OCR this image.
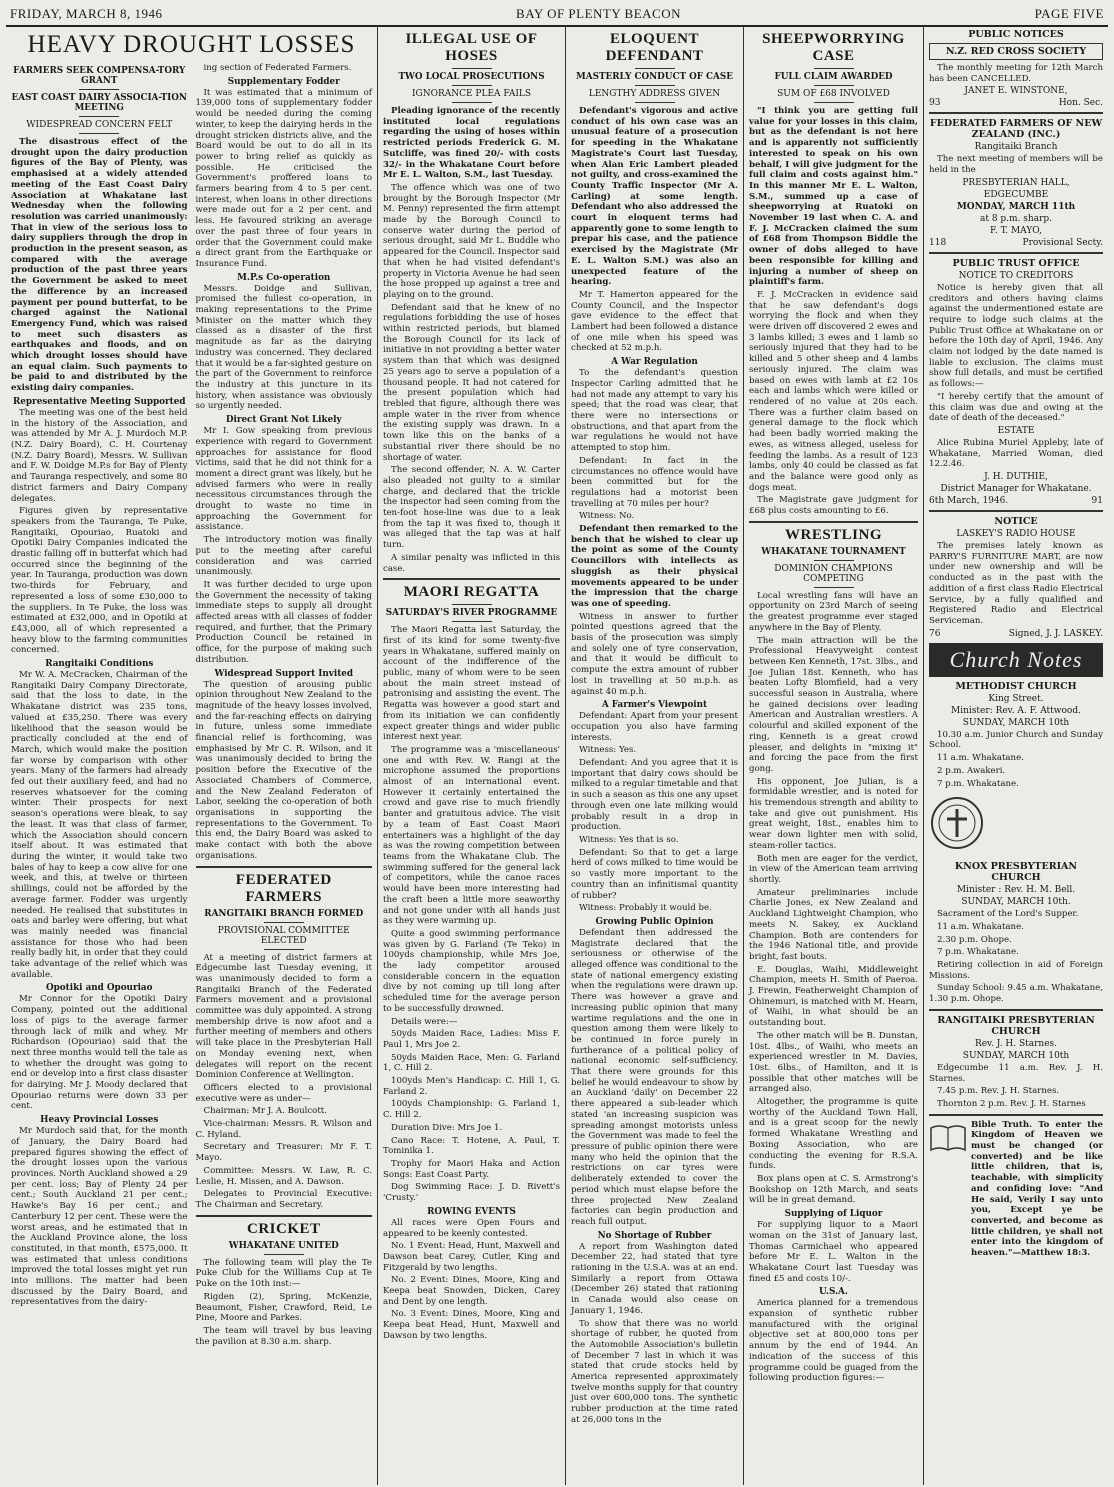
FRIDAY, MARCH 8, 1946	BAY OF PLENTY BEACON	PAGE FIVE
HEAVY DROUGHT LOSSES
FARMERS SEEK COMPENSA-TORY GRANT
EAST COAST DAIRY ASSOCIA-TION MEETING
WIDESPREAD CONCERN FELT

The disastrous effect of the drought upon the dairy production figures of the Bay of Plenty, was emphasised at a widely attended meeting of the East Coast Dairy Association at Whakatane last Wednesday when the following resolution was carried unanimously: That in view of the serious loss to dairy suppliers through the drop in production in the present season, as compared with the average production of the past three years the Government be asked to meet the difference by an increased payment per pound butterfat, to be charged against the National Emergency Fund, which was raised to meet such disasters as earthquakes and floods, and on which drought losses should have an equal claim. Such payments to be paid to and distributed by the existing dairy companies.

Representative Meeting Supported

The meeting was one of the best held in the history of the Association, and was attended by Mr A. J. Murdoch M.P. (N.Z. Dairy Board), C. H. Courtenay (N.Z. Dairy Board), Messrs. W. Sullivan and F. W. Doidge M.P.s for Bay of Plenty and Tauranga respectively, and some 80 district farmers and Dairy Company delegates.

Figures given by representative speakers from the Tauranga, Te Puke, Rangitaiki, Opouriao, Ruatoki and Opotiki Dairy Companies indicated the drastic falling off in butterfat which had occurred since the beginning of the year. In Tauranga, production was down two-thirds for February, and represented a loss of some £30,000 to the suppliers. In Te Puke, the loss was estimated at £32,000, and in Opotiki at £43,000, all of which represented a heavy blow to the farming communities concerned.

Rangitaiki Conditions

Mr W. A. McCracken, Chairman of the Rangitaiki Dairy Company Directorate, said that the loss to date, in the Whakatane district was 235 tons, valued at £35,250. There was every likelihood that the season would be practically concluded at the end of March, which would make the position far worse by comparison with other years. Many of the farmers had already fed out their auxiliary feed, and had no reserves whatsoever for the coming winter. Their prospects for next season's operations were bleak, to say the least. It was that class of farmer, which the Association should concern itself about. It was estimated that during the winter, it would take two bales of hay to keep a cow alive for one week, and this, at twelve or thirteen shillings, could not be afforded by the average farmer. Fodder was urgently needed. He realised that substitutes in oats and barley were offering, but what was mainly needed was financial assistance for those who had been really badly hit, in order that they could take advantage of the relief which was available.

Opotiki and Opouriao

Mr Connor for the Opotiki Dairy Company, pointed out the additional loss of pigs to the average farmer through lack of milk and whey. Mr Richardson (Opouriao) said that the next three months would tell the tale as to whether the drought was going to end or develop into a first class disaster for dairying. Mr J. Moody declared that Opouriao returns were down 33 per cent.

Heavy Provincial Losses

Mr Murdoch said that, for the month of January, the Dairy Board had prepared figures showing the effect of the drought losses upon the various provinces. North Auckland showed a 29 per cent. loss; Bay of Plenty 24 per cent.; South Auckland 21 per cent.; Hawke's Bay 16 per cent.; and Canterbury 12 per cent. These were the worst areas, and he estimated that in the Auckland Province alone, the loss constituted, in that month, £575,000. It was estimated that unless conditions improved the total losses might yet run into millions. The matter had been discussed by the Dairy Board, and representatives from the dairy-

ing section of Federated Farmers.

Supplementary Fodder

It was estimated that a minimum of 139,000 tons of supplementary fodder would be needed during the coming winter, to keep the dairying herds in the drought stricken districts alive, and the Board would be out to do all in its power to bring relief as quickly as possible. He criticised the Government's proffered loans to farmers bearing from 4 to 5 per cent. interest, when loans in other directions were made out for a 2 per cent. and less. He favoured striking an average over the past three of four years in order that the Government could make a direct grant from the Earthquake or Insurance Fund.

M.P.s Co-operation

Messrs. Doidge and Sullivan, promised the fullest co-operation, in making representations to the Prime Minister on the matter which they classed as a disaster of the first magnitude as far as the dairying industry was concerned. They declared that it would be a far-sighted gesture on the part of the Government to reinforce the industry at this juncture in its history, when assistance was obviously so urgently needed.

Direct Grant Not Likely

Mr I. Gow speaking from previous experience with regard to Government approaches for assistance for flood victims, said that he did not think for a moment a direct grant was likely, but he advised farmers who were in really necessitous circumstances through the drought to waste no time in approaching the Government for assistance.

The introductory motion was finally put to the meeting after careful consideration and was carried unanimously.

It was further decided to urge upon the Government the necessity of taking immediate steps to supply all drought affected areas with all classes of fodder required, and further, that the Primary Production Council be retained in office, for the purpose of making such distribution.

Widespread Support Invited

The question of arousing public opinion throughout New Zealand to the magnitude of the heavy losses involved, and the far-reaching effects on dairying in future, unless some immediate financial relief is forthcoming, was emphasised by Mr C. R. Wilson, and it was unanimously decided to bring the position before the Executive of the Associated Chambers of Commerce, and the New Zealand Federaton of Labor, seeking the co-operation of both organisations in supporting the representations to the Government. To this end, the Dairy Board was asked to make contact with both the above organisations.

FEDERATED FARMERS
RANGITAIKI BRANCH FORMED
PROVISIONAL COMMITTEE ELECTED

At a meeting of district farmers at Edgecumbe last Tuesday evening, it was unanimously decided to form a Rangitaiki Branch of the Federated Farmers movement and a provisional committee was duly appointed. A strong membership drive is now afoot and a further meeting of members and others will take place in the Presbyterian Hall on Monday evening next, when delegates will report on the recent Dominion Conference at Wellington.

Officers elected to a provisional executive were as under—

Chairman: Mr J. A. Boulcott.

Vice-chairman: Messrs. R. Wilson and C. Hyland.

Secretary and Treasurer: Mr F. T. Mayo.

Committee: Messrs. W. Law, R. C. Leslie, H. Missen, and A. Dawson.

Delegates to Provincial Executive: The Chairman and Secretary.

CRICKET
WHAKATANE UNITED

The following team will play the Te Puke Club for the Williams Cup at Te Puke on the 10th inst:—

Rigden (2), Spring, McKenzie, Beaumont, Fisher, Crawford, Reid, Le Pine, Moore and Parkes.

The team will travel by bus leaving the pavilion at 8.30 a.m. sharp.

ILLEGAL USE OF HOSES
TWO LOCAL PROSECUTIONS
IGNORANCE PLEA FAILS

Pleading ignorance of the recently instituted local regulations regarding the using of hoses within restricted periods Frederick G. M. Sutcliffe, was fined 20/- with costs 32/- in the Whakatane Court before Mr E. L. Walton, S.M., last Tuesday.

The offence which was one of two brought by the Borough Inspector (Mr M. Penny) represented the firm attempt made by the Borough Council to conserve water during the period of serious drought, said Mr L. Buddle who appeared for the Council. Inspector said that when he had visited defendant's property in Victoria Avenue he had seen the hose propped up against a tree and playing on to the ground.

Defendant said that he knew of no regulations forbidding the use of hoses within restricted periods, but blamed the Borough Council for its lack of initiative in not providing a better water system than that which was designed 25 years ago to serve a population of a thousand people. It had not catered for the present population which had trebled that figure, although there was ample water in the river from whence the existing supply was drawn. In a town like this on the banks of a substantial river there should be no shortage of water.

The second offender, N. A. W. Carter also pleaded not guilty to a similar charge, and declared that the trickle the inspector had seen coming from the ten-foot hose-line was due to a leak from the tap it was fixed to, though it was alleged that the tap was at half turn.

A similar penalty was inflicted in this case.

MAORI REGATTA
SATURDAY'S RIVER PROGRAMME

The Maori Regatta last Saturday, the first of its kind for some twenty-five years in Whakatane, suffered mainly on account of the indifference of the public, many of whom were to be seen about the main street instead of patronising and assisting the event. The Regatta was however a good start and from its initiation we can confidently expect greater things and wider public interest next year.

The programme was a 'miscellaneous' one and with Rev. W. Rangi at the microphone assumed the proportions almost of an international event. However it certainly entertained the crowd and gave rise to much friendly banter and gratuitous advice. The visit by a team of East Coast Maori entertainers was a highlight of the day as was the rowing competition between teams from the Whakatane Club. The swimming suffered for the general lack of competitors, while the canoe races would have been more interesting had the craft been a little more seaworthy and not gone under with all hands just as they were warming up.

Quite a good swimming performance was given by G. Farland (Te Teko) in 100yds championship, while Mrs Joe, the lady competitor aroused considerable concern in the equation dive by not coming up till long after scheduled time for the average person to be successfully drowned.

Details were:—

50yds Maiden Race, Ladies: Miss F. Paul 1, Mrs Joe 2.

50yds Maiden Race, Men: G. Farland 1, C. Hill 2.

100yds Men's Handicap: C. Hill 1, G. Farland 2.

100yds Championship: G. Farland 1, C. Hill 2.

Duration Dive: Mrs Joe 1.

Cano Race: T. Hotene, A. Paul, T. Tominika 1.

Trophy for Maori Haka and Action Songs: East Coast Party.

Dog Swimming Race: J. D. Rivett's 'Crusty.'

ROWING EVENTS

All races were Open Fours and appeared to be keenly contested.

No. 1 Event: Head, Hunt, Maxwell and Dawson beat Carey, Cutler, King and Fitzgerald by two lengths.

No. 2 Event: Dines, Moore, King and Keepa beat Snowden, Dicken, Carey and Dent by one length.

No. 3 Event: Dines, Moore, King and Keepa beat Head, Hunt, Maxwell and Dawson by two lengths.

ELOQUENT DEFENDANT
MASTERLY CONDUCT OF CASE
LENGTHY ADDRESS GIVEN

Defendant's vigorous and active conduct of his own case was an unusual feature of a prosecution for speeding in the Whakatane Magistrate's Court last Tuesday, when Alan Eric Lambert pleaded not guilty, and cross-examined the County Traffic Inspector (Mr A. Carling) at some length. Defendant who also addressed the court in eloquent terms had apparently gone to some length to prepar his case, and the patience exercised by the Magistrate (Mr E. L. Walton S.M.) was also an unexpected feature of the hearing.

Mr T. Hamerton appeared for the County Council, and the Inspector gave evidence to the effect that Lambert had been followed a distance of one mile when his speed was checked at 52 m.p.h.

A War Regulation

To the defendant's question Inspector Carling admitted that he had not made any attempt to vary his speed; that the road was clear, that there were no intersections or obstructions, and that apart from the war regulations he would not have attempted to stop him.

Defendant: In fact in the circumstances no offence would have been committed but for the regulations had a motorist been travelling at 70 miles per hour?

Witness: No.

Defendant then remarked to the bench that he wished to clear up the point as some of the County Councillors with intellects as sluggish as their physical movements appeared to be under the impression that the charge was one of speeding.

Witness in answer to further pointed questions agreed that the basis of the prosecution was simply and solely one of tyre conservation, and that it would be difficult to compute the extra amount of rubber lost in travelling at 50 m.p.h. as against 40 m.p.h.

A Farmer's Viewpoint

Defendant: Apart from your present occupation you also have farming interests.

Witness: Yes.

Defendant: And you agree that it is important that dairy cows should be milked to a regular timetable and that in such a season as this one any upset through even one late milking would probably result in a drop in production.

Witness: Yes that is so.

Defendant: So that to get a large herd of cows milked to time would be so vastly more important to the country than an infinitismal quantity of rubber?

Witness: Probably it would be.

Growing Public Opinion

Defendant then addressed the Magistrate declared that the seriousness or otherwise of the alleged offence was conditional to the state of national emergency existing when the regulations were drawn up. There was however a grave and increasing public opinion that many wartime regulations and the one in question among them were likely to be continued in force purely in furtherance of a political policy of national economic self-sufficiency. That there were grounds for this belief he would endeavour to show by an Auckland 'daily' on December 22 there appeared a sub-leader which stated 'an increasing suspicion was spreading amongst motorists unless the Government was made to feel the pressure of public opinion there were many who held the opinion that the restrictions on car tyres were deliberately extended to cover the period which must elapse before the three projected New Zealand factories can begin production and reach full output.

No Shortage of Rubber

A report from Washington dated December 22, had stated that tyre rationing in the U.S.A. was at an end. Similarly a report from Ottawa (December 26) stated that rationing in Canada would also cease on January 1, 1946.

To show that there was no world shortage of rubber, he quoted from the Automobile Association's bulletin of December 7 last in which it was stated that crude stocks held by America represented approximately twelve months supply for that country just over 600,000 tons. The synthetic rubber production at the time rated at 26,000 tons in the

SHEEPWORRYING CASE
FULL CLAIM AWARDED
SUM OF £68 INVOLVED

"I think you are getting full value for your losses in this claim, but as the defendant is not here and is apparently not sufficiently interested to speak on his own behalf, I will give judgment for the full claim and costs against him." In this manner Mr E. L. Walton, S.M., summed up a case of sheepworrying at Ruatoki on November 19 last when C. A. and F. J. McCracken claimed the sum of £68 from Thompson Biddle the owner of dobs alleged to have been responsible for killing and injuring a number of sheep on plaintiff's farm.

F. J. McCracken in evidence said that he saw defendant's dogs worrying the flock and when they were driven off discovered 2 ewes and 3 lambs killed; 3 ewes and 1 lamb so seriously injured that they had to be killed and 5 other sheep and 4 lambs seriously injured. The claim was based on ewes with lamb at £2 10s each and lambs which were killed or rendered of no value at 20s each. There was a further claim based on general damage to the flock which had been badly worried making the ewes, as witness alleged, useless for feeding the lambs. As a result of 123 lambs, only 40 could be classed as fat and the balance were good only as dogs meat.

The Magistrate gave judgment for £68 plus costs amounting to £6.

WRESTLING
WHAKATANE TOURNAMENT
DOMINION CHAMPIONS COMPETING

Local wrestling fans will have an opportunity on 23rd March of seeing the greatest programme ever staged anywhere in the Bay of Plenty.

The main attraction will be the Professional Heavyweight contest between Ken Kenneth, 17st. 3lbs., and Joe Julian 18st. Kenneth, who has beaten Lofty Blomfield, had a very successful season in Australia, where he gained decisions over leading American and Australian wrestlers. A colourful and skilled exponent of the ring, Kenneth is a great crowd pleaser, and delights in "mixing it" and forcing the pace from the first gong.

His opponent, Joe Julian, is a formidable wrestler, and is noted for his tremendous strength and ability to take and give out punishment. His great weight, 18st., enables him to wear down lighter men with solid, steam-roller tactics.

Both men are eager for the verdict, in view of the American team arriving shortly.

Amateur preliminaries include Charlie Jones, ex New Zealand and Auckland Lightweight Champion, who meets N. Sakey, ex Auckland Champion. Both are contenders for the 1946 National title, and provide bright, fast bouts.

E. Douglas, Waihi, Middleweight Champion, meets H. Smith of Paeroa. J. Frewin, Featherweight Champion of Ohinemuri, is matched with M. Hearn, of Waihi, in what should be an outstanding bout.

The other match will be B. Dunstan, 10st. 4lbs., of Waihi, who meets an experienced wrestler in M. Davies, 10st. 6lbs., of Hamilton, and it is possible that other matches will be arranged also.

Altogether, the programme is quite worthy of the Auckland Town Hall, and is a great scoop for the newly formed Whakatane Wrestling and Boxing Association, who are conducting the evening for R.S.A. funds.

Box plans open at C. S. Armstrong's Bookshop on 12th March, and seats will be in great demand.

Supplying of Liquor

For supplying liquor to a Maori woman on the 31st of January last, Thomas Carmichael who appeared before Mr E. L. Walton in the Whakatane Court last Tuesday was fined £5 and costs 10/-.

U.S.A.

America planned for a tremendous expansion of synthetic rubber manufactured with the original objective set at 800,000 tons per annum by the end of 1944. An indication of the success of this programme could be guaged from the following production figures:—

PUBLIC NOTICES
N.Z. RED CROSS SOCIETY

The monthly meeting for 12th March has been CANCELLED.

JANET E. WINSTONE,
93	Hon. Sec.
FEDERATED FARMERS OF NEW ZEALAND (INC.)
Rangitaiki Branch

The next meeting of members will be held in the

PRESBYTERIAN HALL,
EDGECUMBE
MONDAY, MARCH 11th
at 8 p.m. sharp.
F. T. MAYO,
118	Provisional Secty.
PUBLIC TRUST OFFICE
NOTICE TO CREDITORS

Notice is hereby given that all creditors and others having claims against the undermentioned estate are require to lodge such claims at the Public Trust Office at Whakatane on or before the 10th day of April, 1946. Any claim not lodged by the date named is liable to exclusion. The claims must show full details, and must be certified as follows:—

"I hereby certify that the amount of this claim was due and owing at the date of death of the deceased."

ESTATE

Alice Rubina Muriel Appleby, late of Whakatane, Married Woman, died 12.2.46.

J. H. DUTHIE,
District Manager for Whakatane.
6th March, 1946.	91
NOTICE
LASKEY'S RADIO HOUSE

The premises lately known as PARRY'S FURNITURE MART, are now under new ownership and will be conducted as in the past with the addition of a first class Radio Electrical Service, by a fully qualified and Registered Radio and Electrical Serviceman.

76	Signed, J. J. LASKEY.
Church Notes
METHODIST CHURCH
King Street.
Minister: Rev. A. F. Attwood.
SUNDAY, MARCH 10th

10.30 a.m. Junior Church and Sunday School.

11 a.m. Whakatane.

2 p.m. Awakeri.

7 p.m. Whakatane.

KNOX PRESBYTERIAN CHURCH
Minister : Rev. H. M. Bell.
SUNDAY, MARCH 10th.

Sacrament of the Lord's Supper.

11 a.m. Whakatane.

2.30 p.m. Ohope.

7 p.m. Whakatane.

Retiring collection in aid of Foreign Missions.

Sunday School: 9.45 a.m. Whakatane, 1.30 p.m. Ohope.

RANGITAIKI PRESBYTERIAN CHURCH
Rev. J. H. Starnes.
SUNDAY, MARCH 10th

Edgecumbe 11 a.m. Rev. J. H. Starnes.

7.45 p.m. Rev. J. H. Starnes.

Thornton 2 p.m. Rev. J. H. Starnes

Bible Truth. To enter the Kingdom of Heaven we must be changed (or converted) and be like little children, that is, teachable, with simplicity and confiding love: "And He said, Verily I say unto you, Except ye be converted, and become as little children, ye shall not enter into the kingdom of heaven."—Matthew 18:3.
